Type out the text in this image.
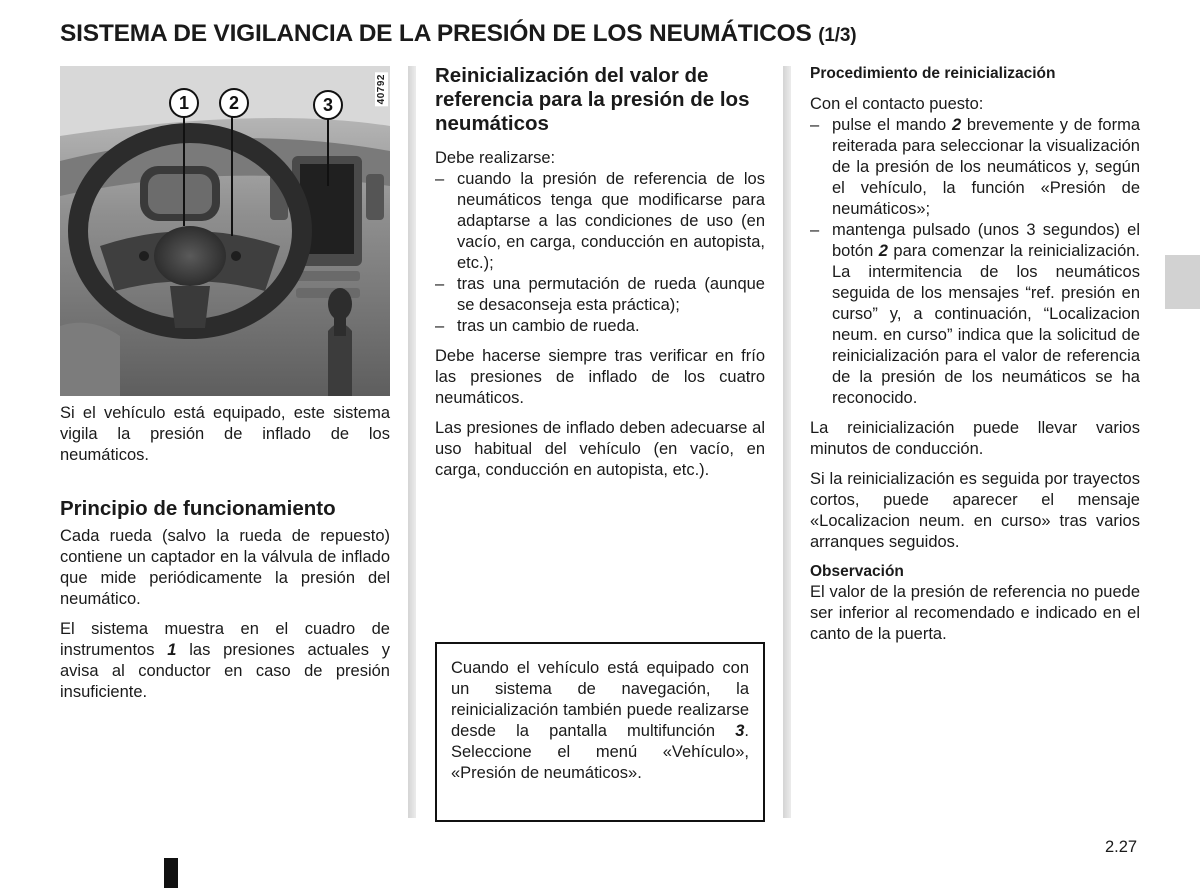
SISTEMA DE VIGILANCIA DE LA PRESIÓN DE LOS NEUMÁTICOS (1/3)
40792
1	2	3

Si el vehículo está equipado, este sistema vigila la presión de inflado de los neumáticos.

Principio de funcionamiento

Cada rueda (salvo la rueda de repuesto) contiene un captador en la válvula de inflado que mide periódicamente la presión del neumático.

El sistema muestra en el cuadro de instrumentos 1 las presiones actuales y avisa al conductor en caso de presión insuficiente.

Reinicialización del valor de referencia para la presión de los neumáticos

Debe realizarse:

– cuando la presión de referencia de los neumáticos tenga que modificarse para adaptarse a las condiciones de uso (en vacío, en carga, conducción en autopista, etc.);
– tras una permutación de rueda (aunque se desaconseja esta práctica);
– tras un cambio de rueda.

Debe hacerse siempre tras verificar en frío las presiones de inflado de los cuatro neumáticos.

Las presiones de inflado deben adecuarse al uso habitual del vehículo (en vacío, en carga, conducción en autopista, etc.).

Cuando el vehículo está equipado con un sistema de navegación, la reinicialización también puede realizarse desde la pantalla multifunción 3. Seleccione el menú «Vehículo», «Presión de neumáticos».
Procedimiento de reinicialización

Con el contacto puesto:

– pulse el mando 2 brevemente y de forma reiterada para seleccionar la visualización de la presión de los neumáticos y, según el vehículo, la función «Presión de neumáticos»;
– mantenga pulsado (unos 3 segundos) el botón 2 para comenzar la reinicialización. La intermitencia de los neumáticos seguida de los mensajes “ref. presión en curso” y, a continuación, “Localizacion neum. en curso” indica que la solicitud de reinicialización para el valor de referencia de la presión de los neumáticos se ha reconocido.

La reinicialización puede llevar varios minutos de conducción.

Si la reinicialización es seguida por trayectos cortos, puede aparecer el mensaje «Localizacion neum. en curso» tras varios arranques seguidos.

Observación

El valor de la presión de referencia no puede ser inferior al recomendado e indicado en el canto de la puerta.

2.27
